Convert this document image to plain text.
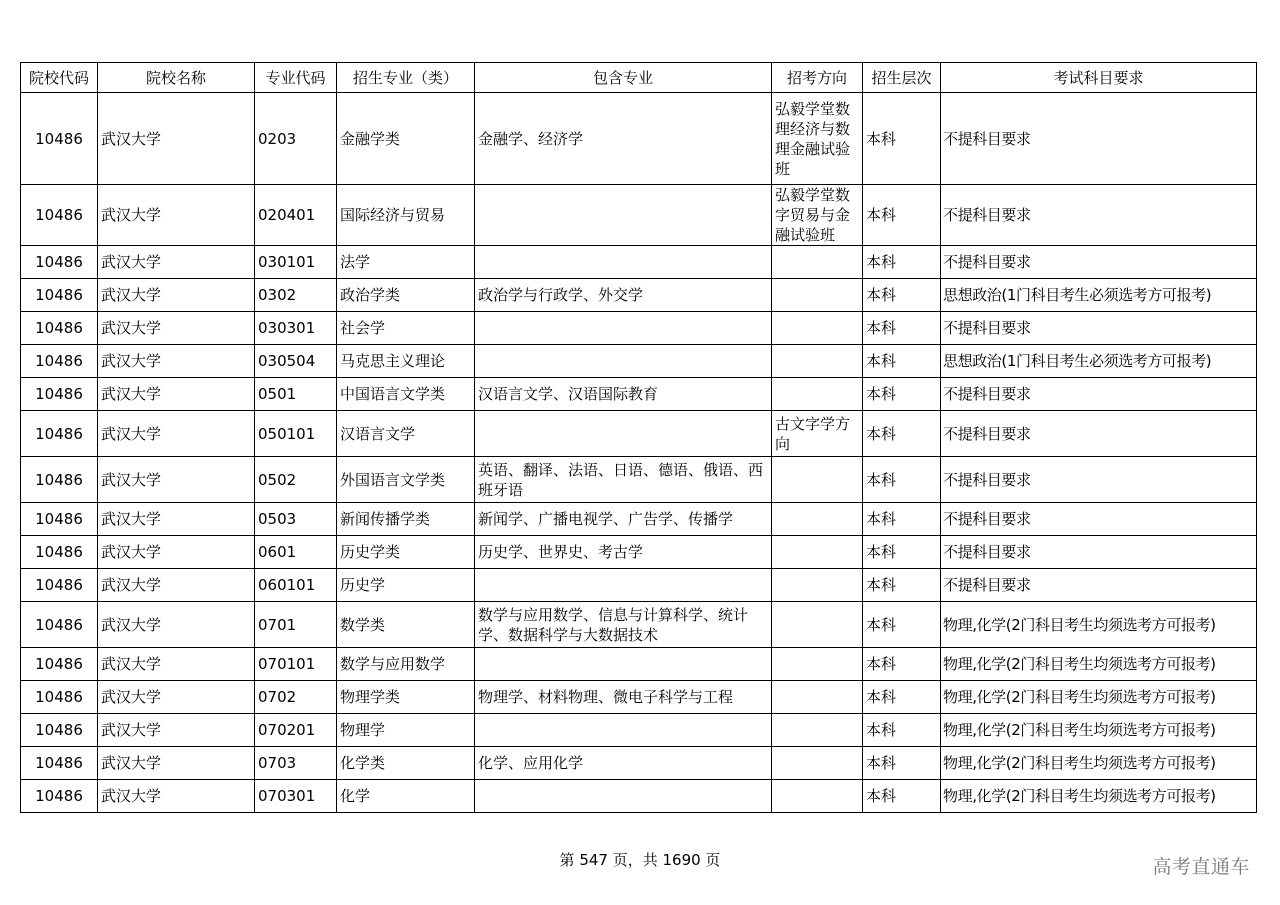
院校代码	院校名称	专业代码	招生专业（类）	包含专业	招考方向	招生层次	考试科目要求
10486	武汉大学	0203	金融学类	金融学、经济学	弘毅学堂数理经济与数理金融试验班	本科	不提科目要求
10486	武汉大学	020401	国际经济与贸易		弘毅学堂数字贸易与金融试验班	本科	不提科目要求
10486	武汉大学	030101	法学			本科	不提科目要求
10486	武汉大学	0302	政治学类	政治学与行政学、外交学		本科	思想政治(1门科目考生必须选考方可报考)
10486	武汉大学	030301	社会学			本科	不提科目要求
10486	武汉大学	030504	马克思主义理论			本科	思想政治(1门科目考生必须选考方可报考)
10486	武汉大学	0501	中国语言文学类	汉语言文学、汉语国际教育		本科	不提科目要求
10486	武汉大学	050101	汉语言文学		古文字学方向	本科	不提科目要求
10486	武汉大学	0502	外国语言文学类	英语、翻译、法语、日语、德语、俄语、西班牙语		本科	不提科目要求
10486	武汉大学	0503	新闻传播学类	新闻学、广播电视学、广告学、传播学		本科	不提科目要求
10486	武汉大学	0601	历史学类	历史学、世界史、考古学		本科	不提科目要求
10486	武汉大学	060101	历史学			本科	不提科目要求
10486	武汉大学	0701	数学类	数学与应用数学、信息与计算科学、统计学、数据科学与大数据技术		本科	物理,化学(2门科目考生均须选考方可报考)
10486	武汉大学	070101	数学与应用数学			本科	物理,化学(2门科目考生均须选考方可报考)
10486	武汉大学	0702	物理学类	物理学、材料物理、微电子科学与工程		本科	物理,化学(2门科目考生均须选考方可报考)
10486	武汉大学	070201	物理学			本科	物理,化学(2门科目考生均须选考方可报考)
10486	武汉大学	0703	化学类	化学、应用化学		本科	物理,化学(2门科目考生均须选考方可报考)
10486	武汉大学	070301	化学			本科	物理,化学(2门科目考生均须选考方可报考)
第 547 页，共 1690 页	高考直通车
